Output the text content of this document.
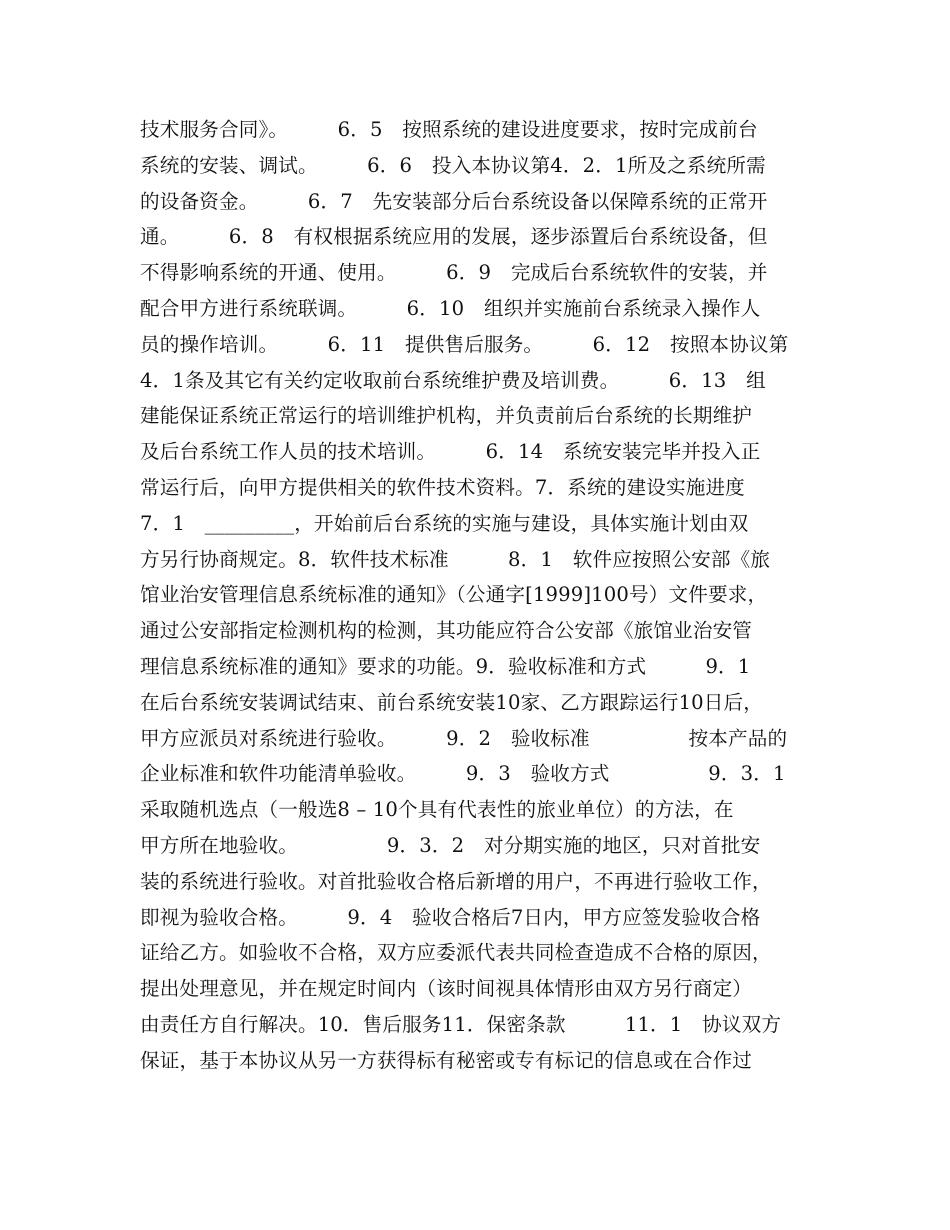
技术服务合同》。　　　6．5　按照系统的建设进度要求，按时完成前台
系统的安装、调试。　　　6．6　投入本协议第4．2．1所及之系统所需
的设备资金。　　　6．7　先安装部分后台系统设备以保障系统的正常开
通。　　　6．8　有权根据系统应用的发展，逐步添置后台系统设备，但
不得影响系统的开通、使用。　　　6．9　完成后台系统软件的安装，并
配合甲方进行系统联调。　　　6．10　组织并实施前台系统录入操作人
员的操作培训。　　　6．11　提供售后服务。　　　6．12　按照本协议第
4．1条及其它有关约定收取前台系统维护费及培训费。　　　6．13　组
建能保证系统正常运行的培训维护机构，并负责前后台系统的长期维护
及后台系统工作人员的技术培训。　　　6．14　系统安装完毕并投入正
常运行后，向甲方提供相关的软件技术资料。7．系统的建设实施进度
7．1　_________，开始前后台系统的实施与建设，具体实施计划由双
方另行协商规定。8．软件技术标准　　　8．1　软件应按照公安部《旅
馆业治安管理信息系统标准的通知》（公通字[1999]100号）文件要求，
通过公安部指定检测机构的检测，其功能应符合公安部《旅馆业治安管
理信息系统标准的通知》要求的功能。9．验收标准和方式　　　9．1
在后台系统安装调试结束、前台系统安装10家、乙方跟踪运行10日后，
甲方应派员对系统进行验收。　　　9．2　验收标准　　　　　按本产品的
企业标准和软件功能清单验收。　　　9．3　验收方式　　　　　9．3．1
采取随机选点（一般选8 – 10个具有代表性的旅业单位）的方法，在
甲方所在地验收。　　　　　9．3．2　对分期实施的地区，只对首批安
装的系统进行验收。对首批验收合格后新增的用户，不再进行验收工作，
即视为验收合格。　　　9．4　验收合格后7日内，甲方应签发验收合格
证给乙方。如验收不合格，双方应委派代表共同检查造成不合格的原因，
提出处理意见，并在规定时间内（该时间视具体情形由双方另行商定）
由责任方自行解决。10．售后服务11．保密条款　　　11．1　协议双方
保证，基于本协议从另一方获得标有秘密或专有标记的信息或在合作过
